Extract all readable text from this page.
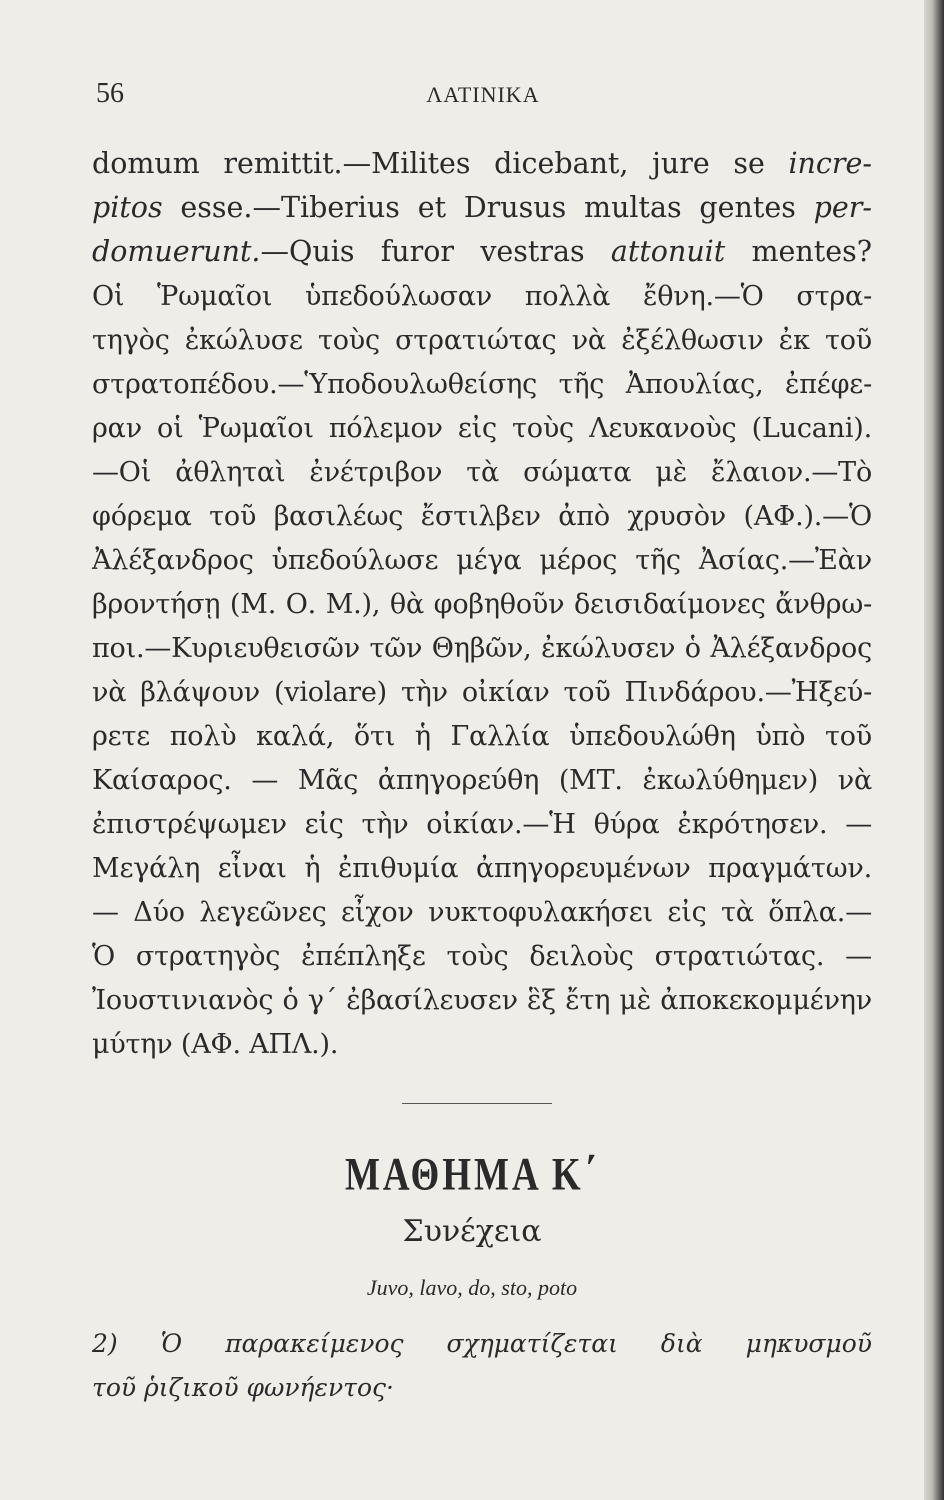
56	ΛΑΤΙΝΙΚΑ
domum remittit.—Milites dicebant, jure se incre-
pitos esse.—Tiberius et Drusus multas gentes per-
domuerunt.—Quis furor vestras attonuit mentes?
Οἱ Ῥωμαῖοι ὑπεδούλωσαν πολλὰ ἔθνη.—Ὁ στρα-
τηγὸς ἐκώλυσε τοὺς στρατιώτας νὰ ἐξέλθωσιν ἐκ τοῦ
στρατοπέδου.—Ὑποδουλωθείσης τῆς Ἀπουλίας, ἐπέφε-
ραν οἱ Ῥωμαῖοι πόλεμον εἰς τοὺς Λευκανοὺς (Lucani).
—Οἱ ἀθληταὶ ἐνέτριβον τὰ σώματα μὲ ἔλαιον.—Τὸ
φόρεμα τοῦ βασιλέως ἔστιλβεν ἀπὸ χρυσὸν (ΑΦ.).—Ὁ
Ἀλέξανδρος ὑπεδούλωσε μέγα μέρος τῆς Ἀσίας.—Ἐὰν
βροντήσῃ (Μ. Ο. Μ.), θὰ φοβηθοῦν δεισιδαίμονες ἄνθρω-
ποι.—Κυριευθεισῶν τῶν Θηβῶν, ἐκώλυσεν ὁ Ἀλέξανδρος
νὰ βλάψουν (violare) τὴν οἰκίαν τοῦ Πινδάρου.—Ἠξεύ-
ρετε πολὺ καλά, ὅτι ἡ Γαλλία ὑπεδουλώθη ὑπὸ τοῦ
Καίσαρος. — Μᾶς ἀπηγορεύθη (ΜΤ. ἐκωλύθημεν) νὰ
ἐπιστρέψωμεν εἰς τὴν οἰκίαν.—Ἡ θύρα ἐκρότησεν. —
Μεγάλη εἶναι ἡ ἐπιθυμία ἀπηγορευμένων πραγμάτων.
— Δύο λεγεῶνες εἶχον νυκτοφυλακήσει εἰς τὰ ὅπλα.—
Ὁ στρατηγὸς ἐπέπληξε τοὺς δειλοὺς στρατιώτας. —
Ἰουστινιανὸς ὁ γ΄ ἐβασίλευσεν ἓξ ἔτη μὲ ἀποκεκομμένην
μύτην (ΑΦ. ΑΠΛ.).
ΜΑΘΗΜΑ Κ΄
Συνέχεια
Juvo, lavo, do, sto, poto
2) Ὁ παρακείμενος σχηματίζεται διὰ μηκυσμοῦ
τοῦ ῥιζικοῦ φωνήεντος·
